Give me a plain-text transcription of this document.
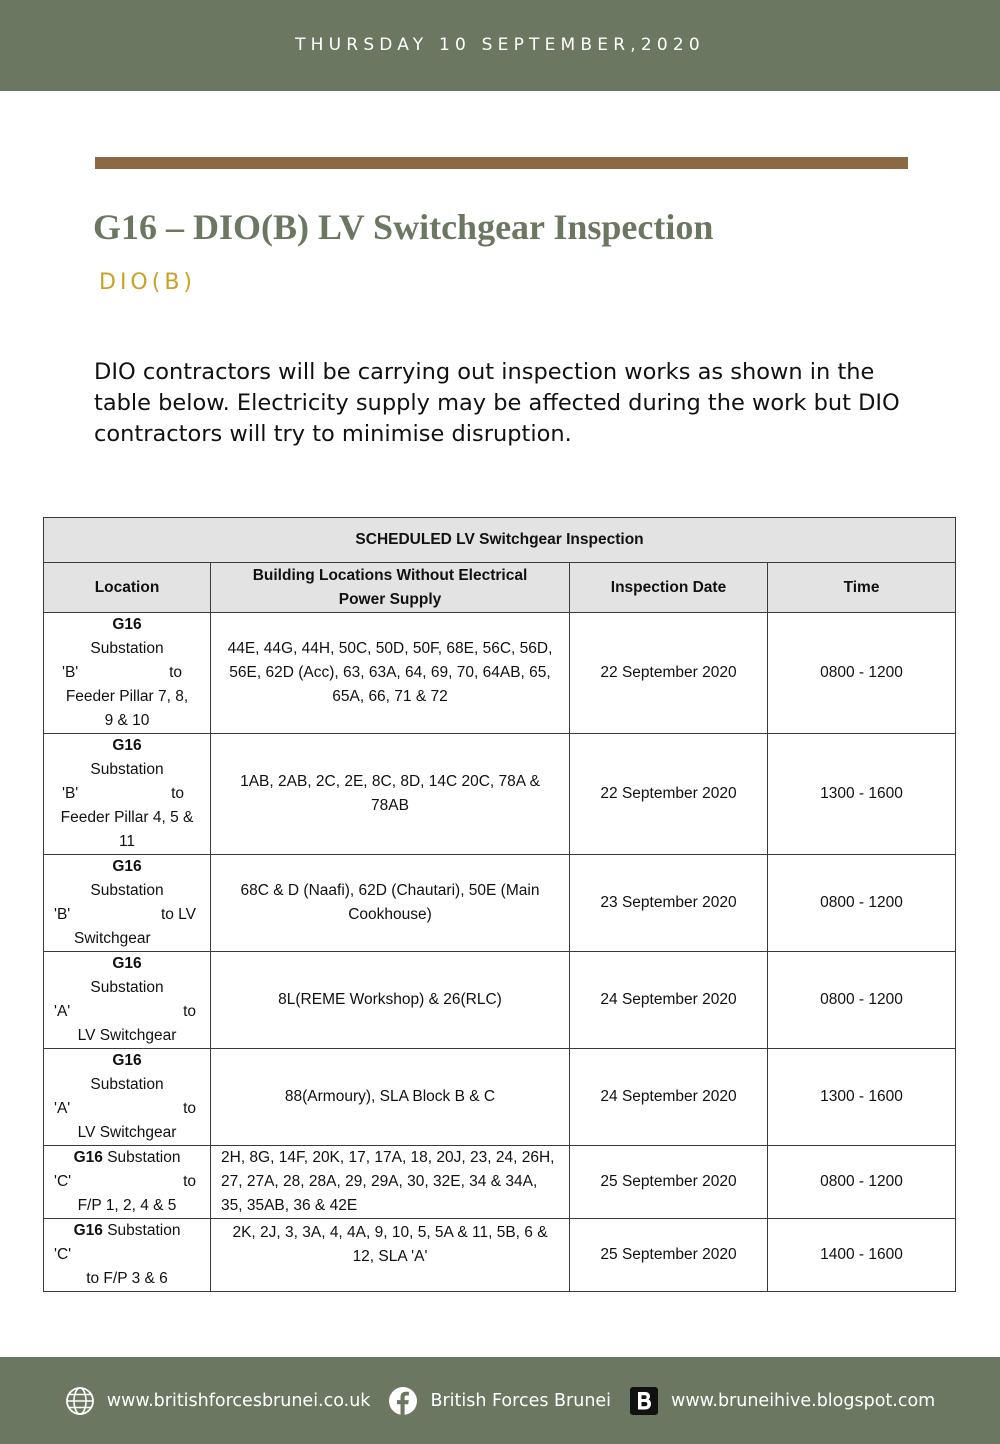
THURSDAY 10 SEPTEMBER,2020
G16 – DIO(B) LV Switchgear Inspection
DIO(B)

DIO contractors will be carrying out inspection works as shown in the table below. Electricity supply may be affected during the work but DIO contractors will try to minimise disruption.

SCHEDULED LV Switchgear Inspection			
Location	Building Locations Without Electrical Power Supply	Inspection Date	Time

G16
Substation
'B' to
Feeder Pillar 7, 8, 9 & 10	44E, 44G, 44H, 50C, 50D, 50F, 68E, 56C, 56D, 56E, 62D (Acc), 63, 63A, 64, 69, 70, 64AB, 65, 65A, 66, 71 & 72	22 September 2020	0800 - 1200

G16
Substation
'B' to
Feeder Pillar 4, 5 & 11	1AB, 2AB, 2C, 2E, 8C, 8D, 14C 20C, 78A & 78AB	22 September 2020	1300 - 1600

G16
Substation
'B' to LV
Switchgear	68C & D (Naafi), 62D (Chautari), 50E (Main Cookhouse)	23 September 2020	0800 - 1200

G16
Substation
'A' to
LV Switchgear	8L(REME Workshop) & 26(RLC)	24 September 2020	0800 - 1200

G16
Substation
'A' to
LV Switchgear	88(Armoury), SLA Block B & C	24 September 2020	1300 - 1600

G16 Substation
'C' to
F/P 1, 2, 4 & 5	2H, 8G, 14F, 20K, 17, 17A, 18, 20J, 23, 24, 26H, 27, 27A, 28, 28A, 29, 29A, 30, 32E, 34 & 34A, 35, 35AB, 36 & 42E	25 September 2020	0800 - 1200

G16 Substation
'C'
to F/P 3 & 6	2K, 2J, 3, 3A, 4, 4A, 9, 10, 5, 5A & 11, 5B, 6 & 12, SLA 'A'	25 September 2020	1400 - 1600
www.britishforcesbrunei.co.uk	British Forces Brunei	www.bruneihive.blogspot.com
